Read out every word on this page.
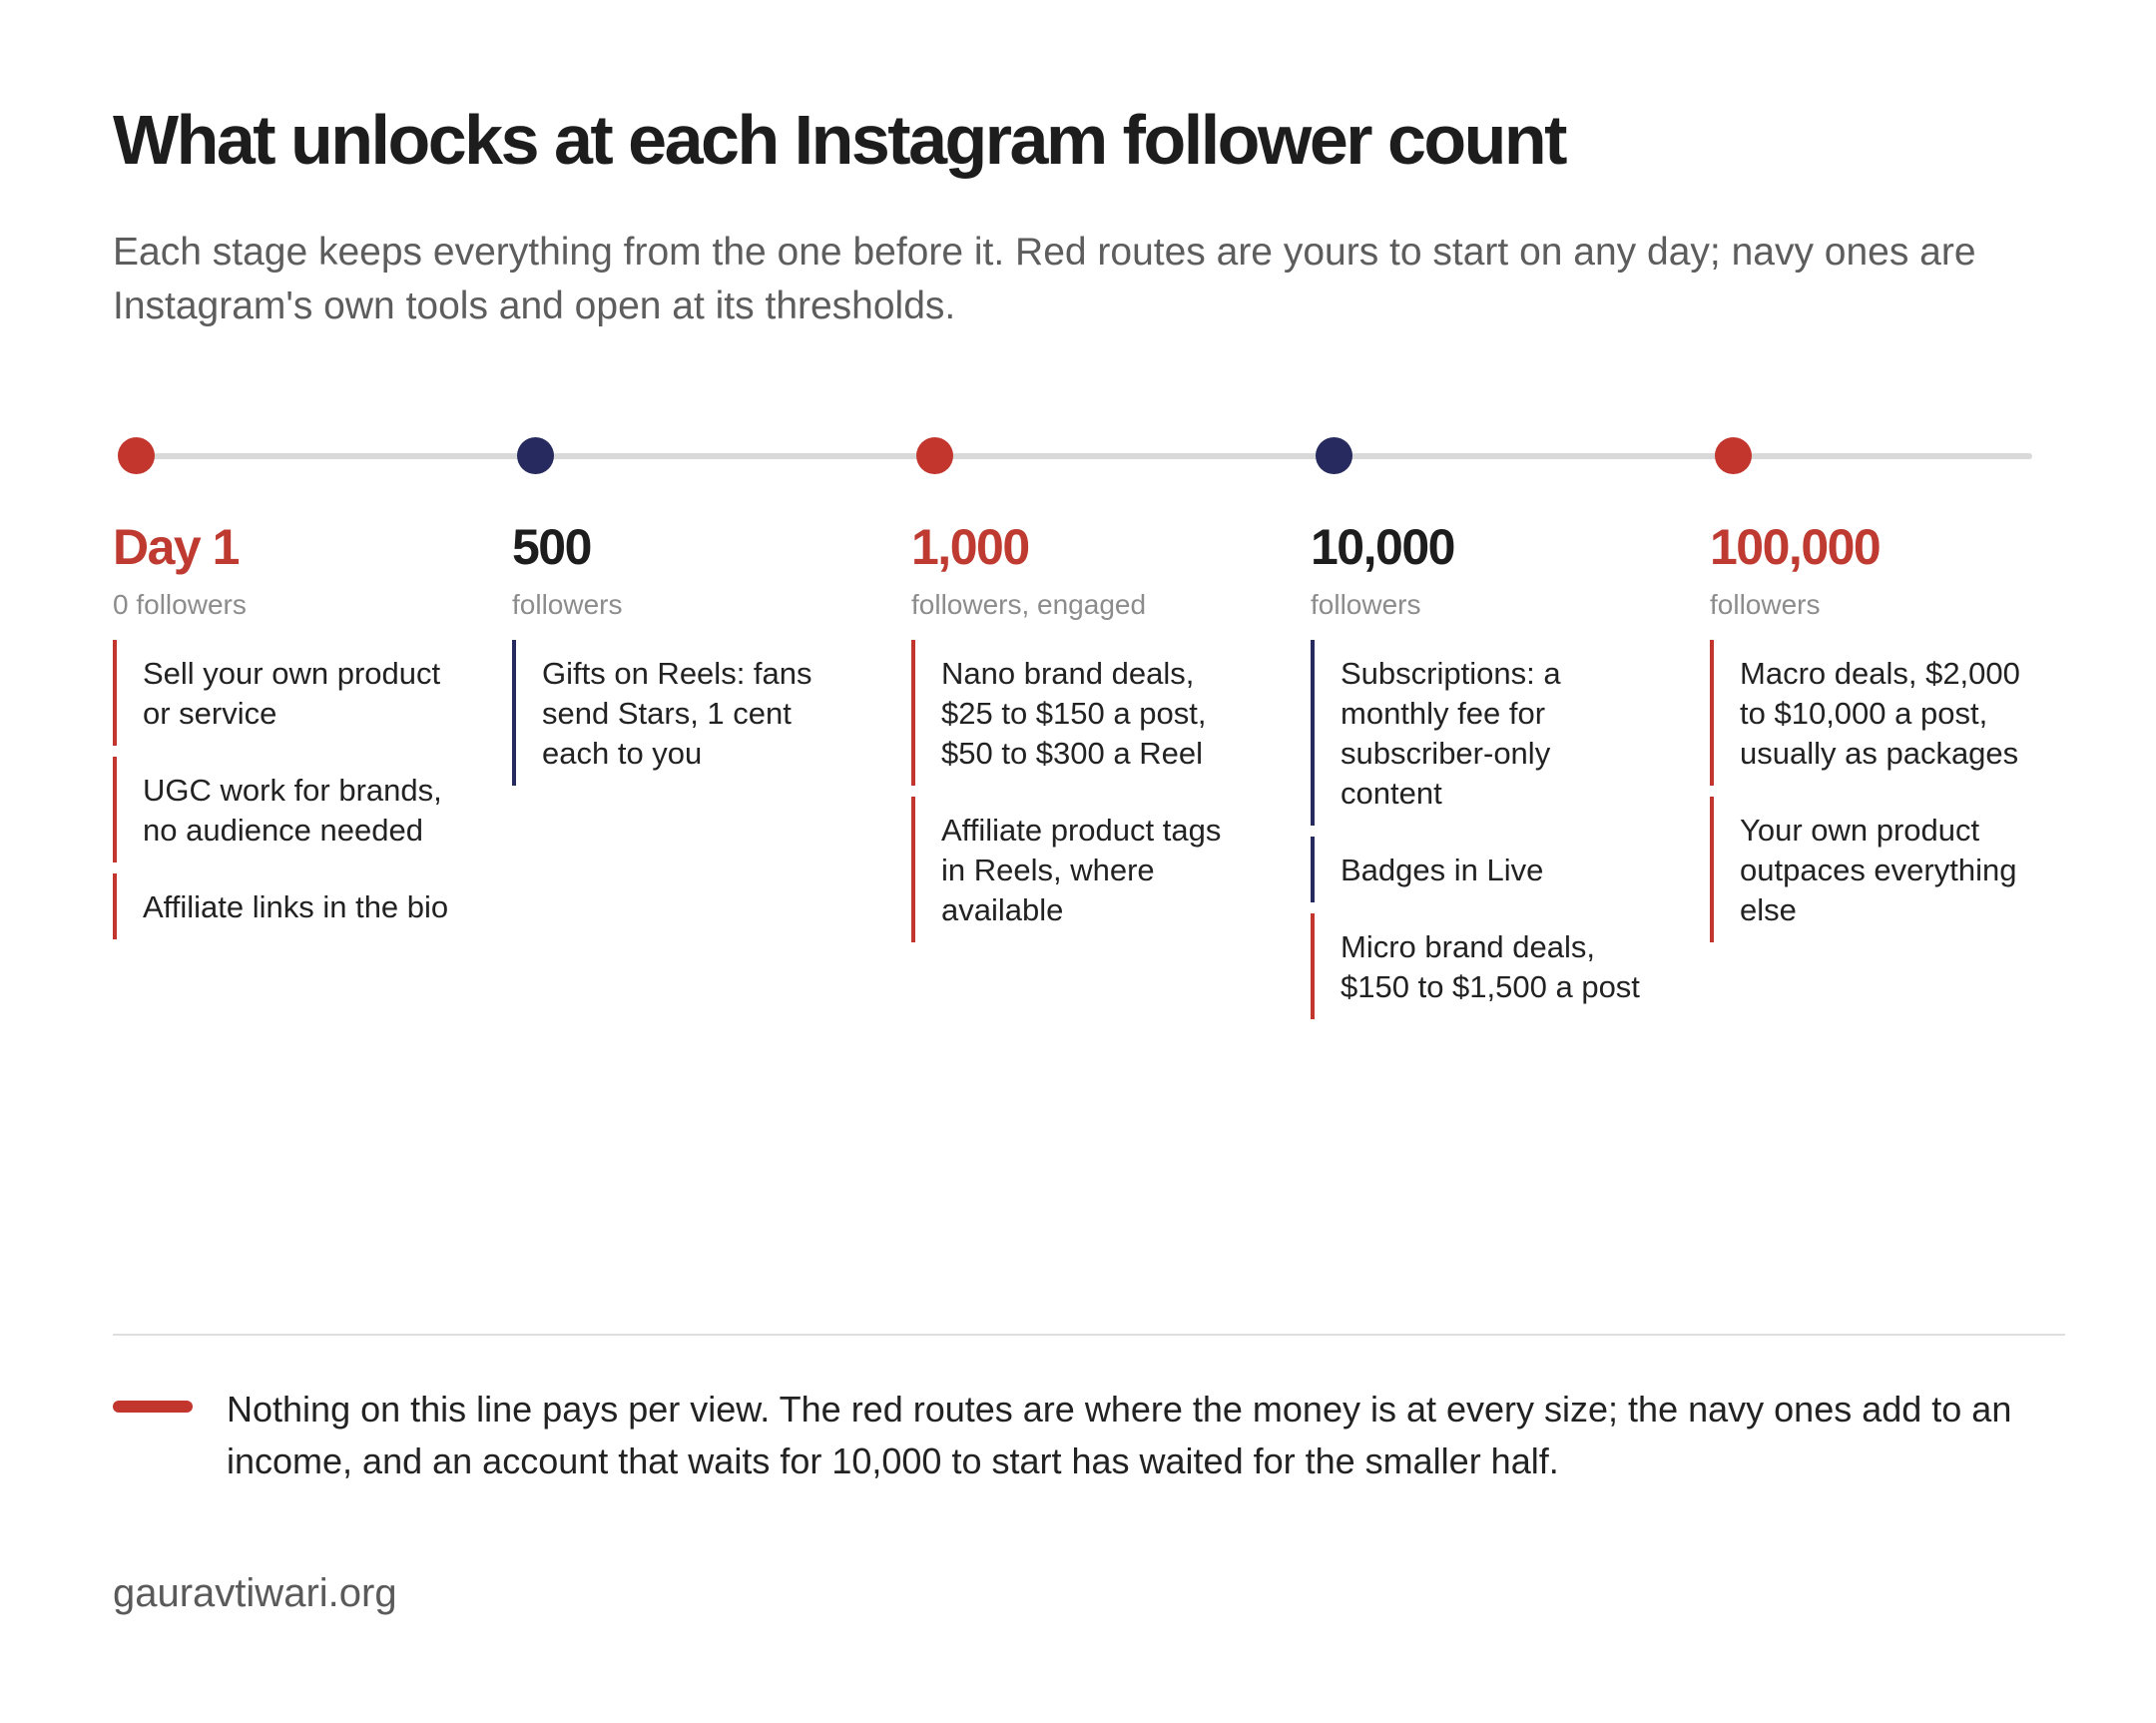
What unlocks at each Instagram follower count

Each stage keeps everything from the one before it. Red routes are yours to start on any day; navy ones are Instagram's own tools and open at its thresholds.

Day 1

0 followers

Sell your own product or service
UGC work for brands, no audience needed
Affiliate links in the bio

500

followers

Gifts on Reels: fans send Stars, 1 cent each to you

1,000

followers, engaged

Nano brand deals, $25 to $150 a post, $50 to $300 a Reel
Affiliate product tags in Reels, where available

10,000

followers

Subscriptions: a monthly fee for subscriber-only content
Badges in Live
Micro brand deals, $150 to $1,500 a post

100,000

followers

Macro deals, $2,000 to $10,000 a post, usually as packages
Your own product outpaces everything else

Nothing on this line pays per view. The red routes are where the money is at every size; the navy ones add to an income, and an account that waits for 10,000 to start has waited for the smaller half.

gauravtiwari.org
